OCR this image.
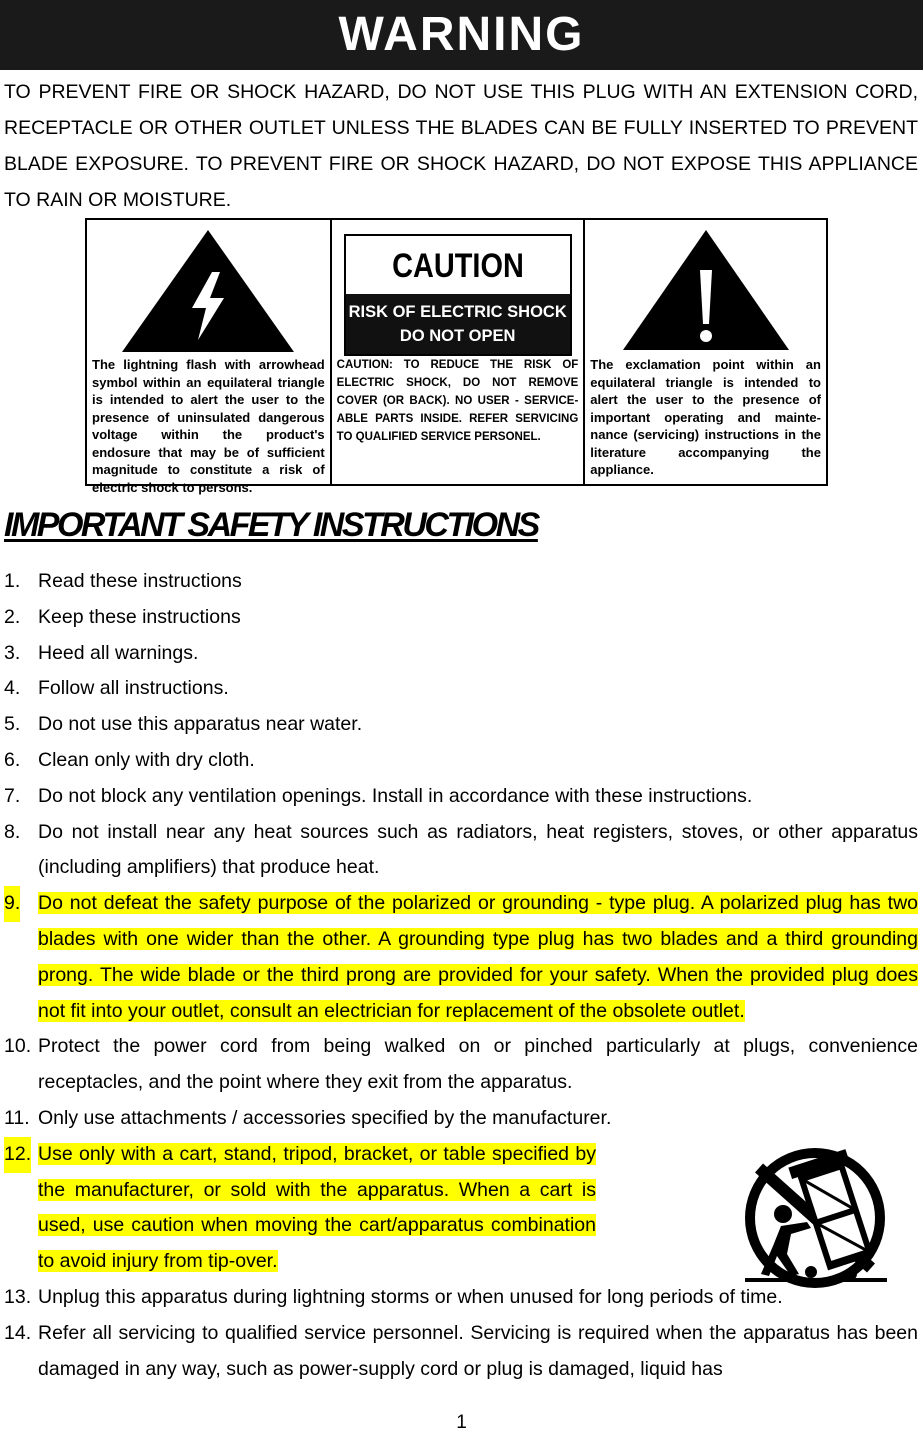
WARNING
TO PREVENT FIRE OR SHOCK HAZARD, DO NOT USE THIS PLUG WITH AN EXTENSION CORD, RECEPTACLE OR OTHER OUTLET UNLESS THE BLADES CAN BE FULLY INSERTED TO PREVENT BLADE EXPOSURE. TO PREVENT FIRE OR SHOCK HAZARD, DO NOT EXPOSE THIS APPLIANCE TO RAIN OR MOISTURE.
The lightning flash with arrowhead symbol within an equilateral triangle is intended to alert the user to the presence of uninsulated dangerous voltage within the product's endosure that may be of sufficient magnitude to constitute a risk of electric shock to persons.
CAUTION
RISK OF ELECTRIC SHOCK
DO NOT OPEN
CAUTION: TO REDUCE THE RISK OF ELECTRIC SHOCK, DO NOT REMOVE COVER (OR BACK). NO USER - SERVICE-ABLE PARTS INSIDE. REFER SERVICING TO QUALIFIED SERVICE PERSONEL.
The exclamation point within an equilateral triangle is intended to alert the user to the presence of important operating and mainte-nance (servicing) instructions in the literature accompanying the appliance.
IMPORTANT SAFETY INSTRUCTIONS
1. Read these instructions
2. Keep these instructions
3. Heed all warnings.
4. Follow all instructions.
5. Do not use this apparatus near water.
6. Clean only with dry cloth.
7. Do not block any ventilation openings. Install in accordance with these instructions.
8. Do not install near any heat sources such as radiators, heat registers, stoves, or other apparatus (including amplifiers) that produce heat.
9. Do not defeat the safety purpose of the polarized or grounding - type plug. A polarized plug has two blades with one wider than the other. A grounding type plug has two blades and a third grounding prong. The wide blade or the third prong are provided for your safety. When the provided plug does not fit into your outlet, consult an electrician for replacement of the obsolete outlet.
10. Protect the power cord from being walked on or pinched particularly at plugs, convenience receptacles, and the point where they exit from the apparatus.
11. Only use attachments / accessories specified by the manufacturer.
12. Use only with a cart, stand, tripod, bracket, or table specified by the manufacturer, or sold with the apparatus. When a cart is used, use caution when moving the cart/apparatus combination to avoid injury from tip-over.
13. Unplug this apparatus during lightning storms or when unused for long periods of time.
14. Refer all servicing to qualified service personnel. Servicing is required when the apparatus has been damaged in any way, such as power-supply cord or plug is damaged, liquid has
1
